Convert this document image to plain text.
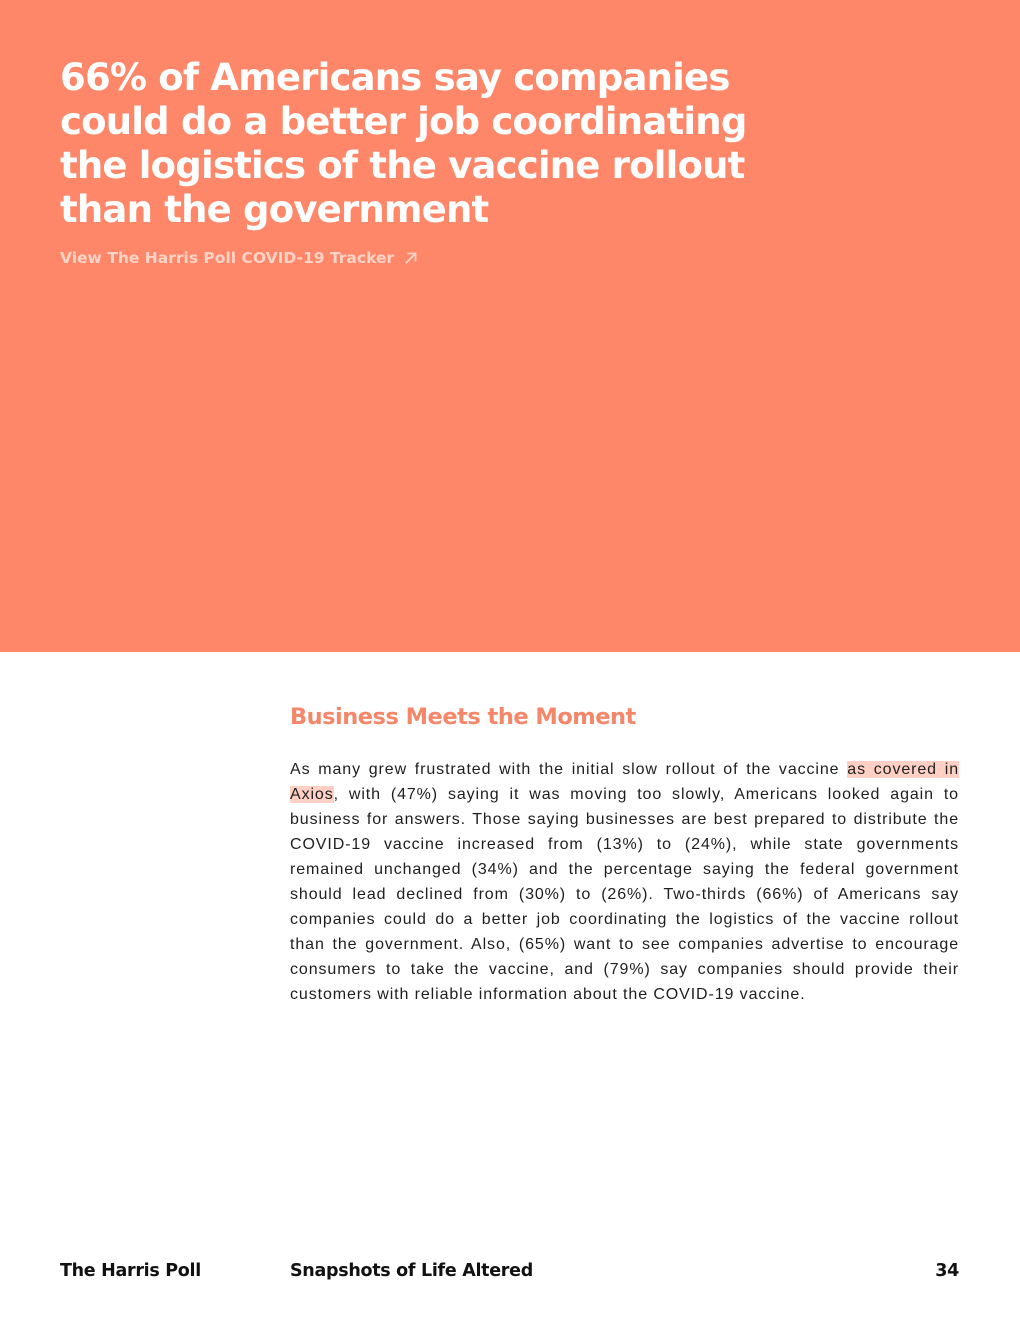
66% of Americans say companies could do a better job coordinating the logistics of the vaccine rollout than the government
View The Harris Poll COVID-19 Tracker
Business Meets the Moment

As many grew frustrated with the initial slow rollout of the vaccine as covered in Axios, with (47%) saying it was moving too slowly, Americans looked again to business for answers. Those saying businesses are best prepared to distribute the COVID-19 vaccine increased from (13%) to (24%), while state governments remained unchanged (34%) and the percentage saying the federal government should lead declined from (30%) to (26%). Two-thirds (66%) of Americans say companies could do a better job coordinating the logistics of the vaccine rollout than the government. Also, (65%) want to see companies advertise to encourage consumers to take the vaccine, and (79%) say companies should provide their customers with reliable information about the COVID-19 vaccine.

The Harris Poll	Snapshots of Life Altered	34
